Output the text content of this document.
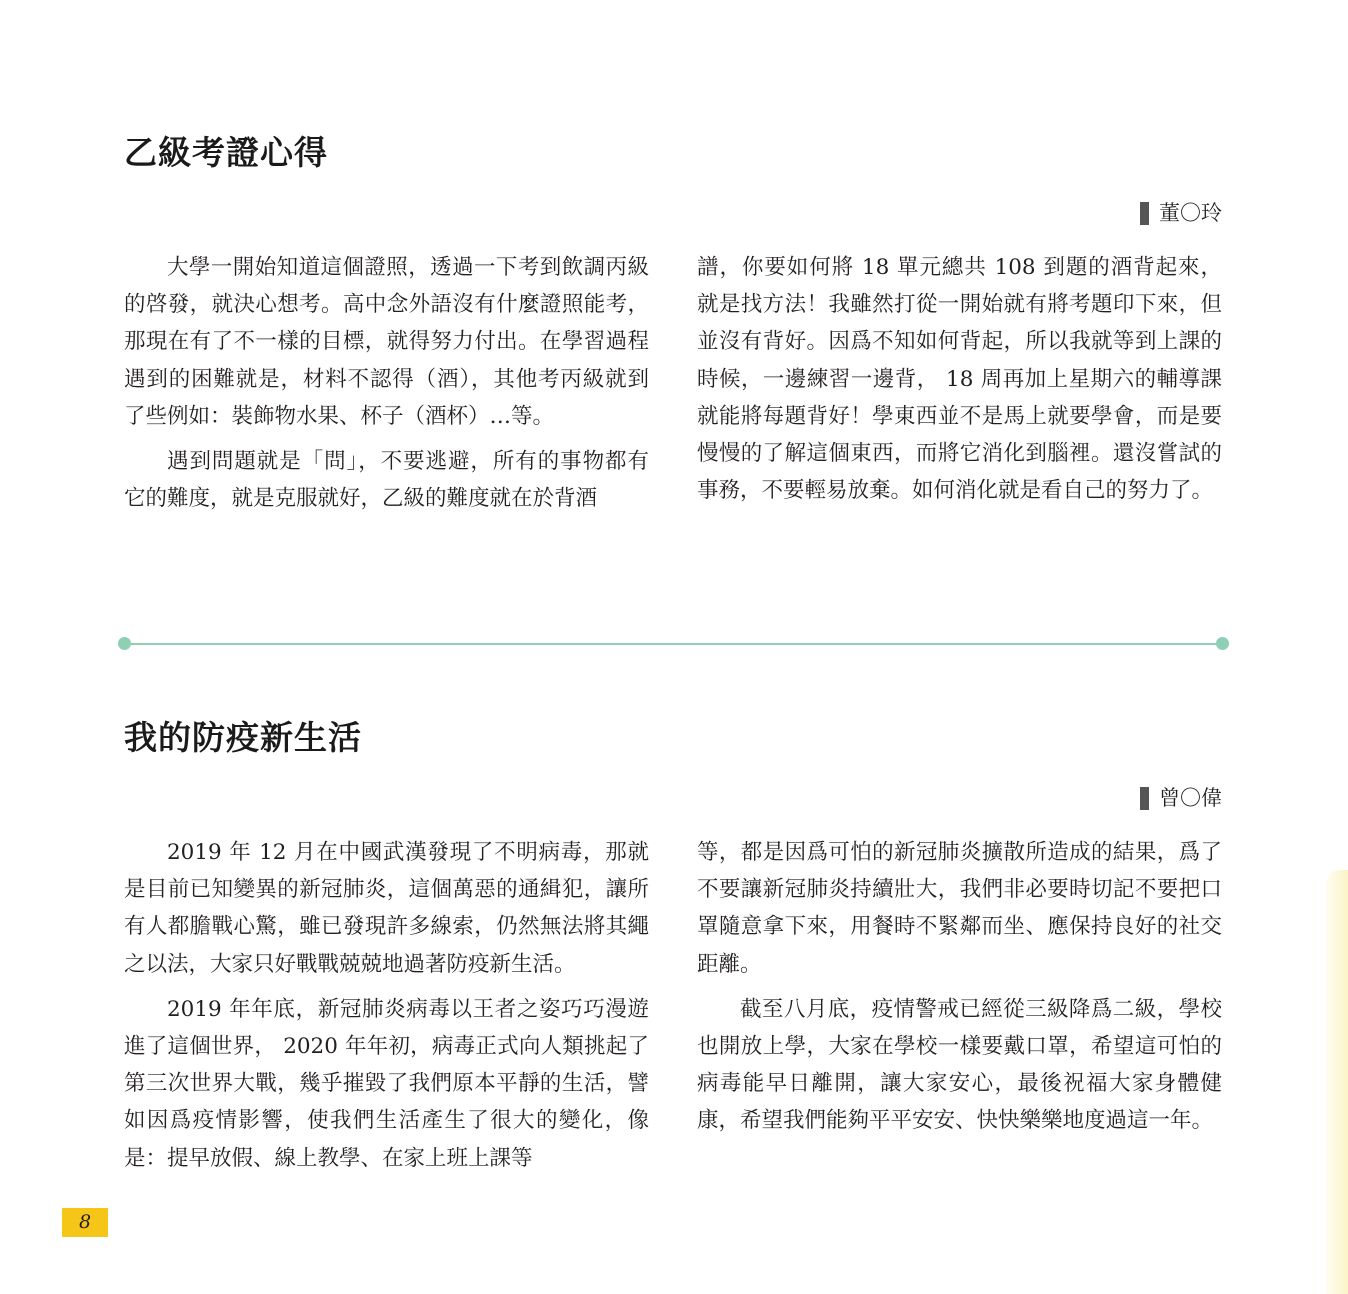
乙級考證心得
董〇玲

大學一開始知道這個證照，透過一下考到飲調丙級的啓發，就決心想考。高中念外語沒有什麼證照能考，那現在有了不一樣的目標，就得努力付出。在學習過程遇到的困難就是，材料不認得（酒），其他考丙級就到了些例如：裝飾物水果、杯子（酒杯）…等。

遇到問題就是「問」，不要逃避，所有的事物都有它的難度，就是克服就好，乙級的難度就在於背酒

譜，你要如何將 18 單元總共 108 到題的酒背起來，就是找方法！我雖然打從一開始就有將考題印下來，但並沒有背好。因爲不知如何背起，所以我就等到上課的時候，一邊練習一邊背， 18 周再加上星期六的輔導課就能將每題背好！學東西並不是馬上就要學會，而是要慢慢的了解這個東西，而將它消化到腦裡。還沒嘗試的事務，不要輕易放棄。如何消化就是看自己的努力了。

我的防疫新生活
曾〇偉

2019 年 12 月在中國武漢發現了不明病毒，那就是目前已知變異的新冠肺炎，這個萬惡的通緝犯，讓所有人都膽戰心驚，雖已發現許多線索，仍然無法將其繩之以法，大家只好戰戰兢兢地過著防疫新生活。

2019 年年底，新冠肺炎病毒以王者之姿巧巧漫遊進了這個世界， 2020 年年初，病毒正式向人類挑起了第三次世界大戰，幾乎摧毀了我們原本平靜的生活，譬如因爲疫情影響，使我們生活產生了很大的變化，像是：提早放假、線上教學、在家上班上課等

等，都是因爲可怕的新冠肺炎擴散所造成的結果，爲了不要讓新冠肺炎持續壯大，我們非必要時切記不要把口罩隨意拿下來，用餐時不緊鄰而坐、應保持良好的社交距離。

截至八月底，疫情警戒已經從三級降爲二級，學校也開放上學，大家在學校一樣要戴口罩，希望這可怕的病毒能早日離開，讓大家安心，最後祝福大家身體健康，希望我們能夠平平安安、快快樂樂地度過這一年。

8
